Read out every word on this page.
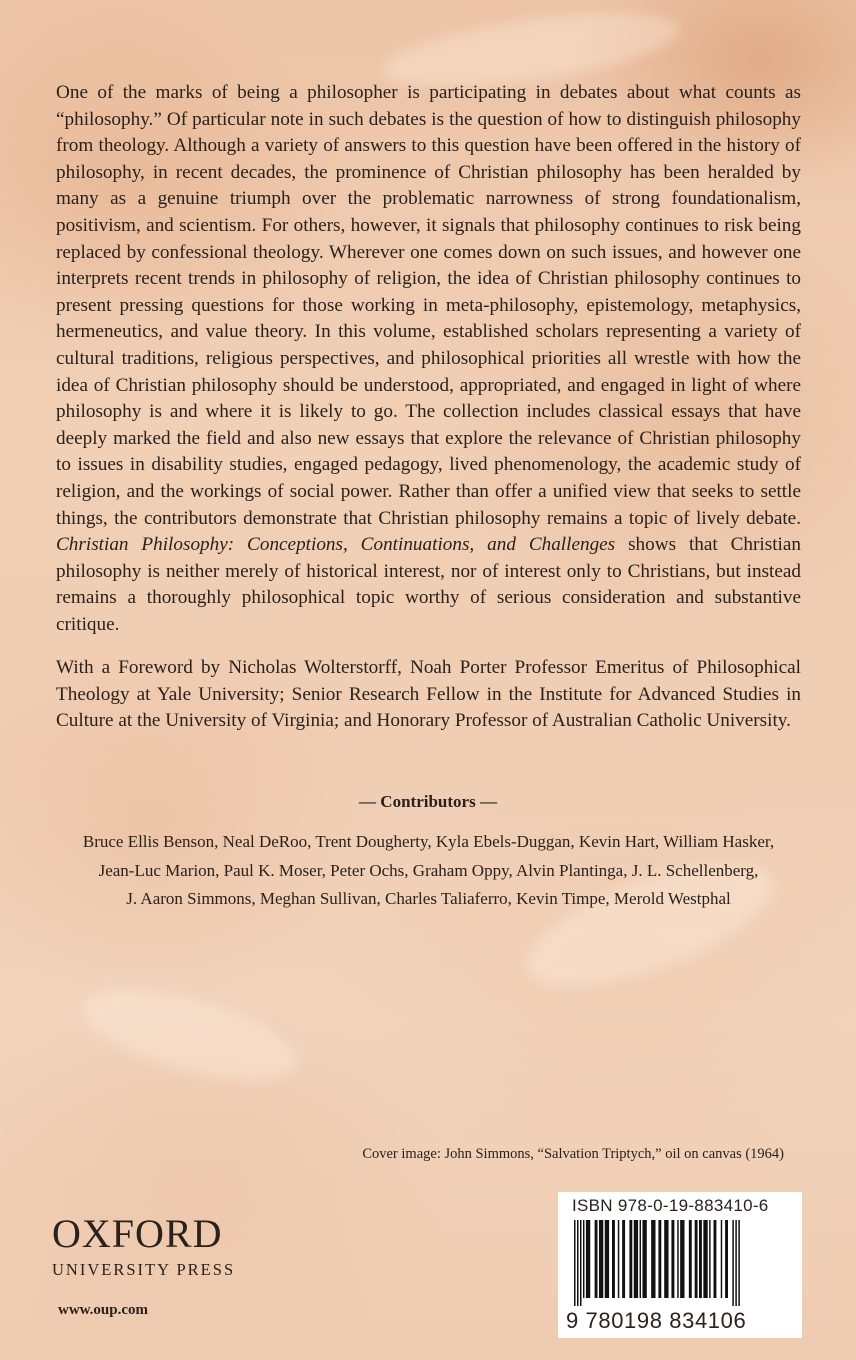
One of the marks of being a philosopher is participating in debates about what counts as “philosophy.” Of particular note in such debates is the question of how to distinguish philosophy from theology. Although a variety of answers to this question have been offered in the history of philosophy, in recent decades, the prominence of Christian philosophy has been heralded by many as a genuine triumph over the problematic narrowness of strong foundationalism, positivism, and scientism. For others, however, it signals that philosophy continues to risk being replaced by confessional theology. Wherever one comes down on such issues, and however one interprets recent trends in philosophy of religion, the idea of Christian philosophy continues to present pressing questions for those working in meta-philosophy, epistemology, metaphysics, hermeneutics, and value theory. In this volume, established scholars representing a variety of cultural traditions, religious perspectives, and philosophical priorities all wrestle with how the idea of Christian philosophy should be understood, appropriated, and engaged in light of where philosophy is and where it is likely to go. The collection includes classical essays that have deeply marked the field and also new essays that explore the relevance of Christian philosophy to issues in disability studies, engaged pedagogy, lived phenomenology, the academic study of religion, and the workings of social power. Rather than offer a unified view that seeks to settle things, the contributors demonstrate that Christian philosophy remains a topic of lively debate. Christian Philosophy: Conceptions, Continuations, and Challenges shows that Christian philosophy is neither merely of historical interest, nor of interest only to Christians, but instead remains a thoroughly philosophical topic worthy of serious consideration and substantive critique.

With a Foreword by Nicholas Wolterstorff, Noah Porter Professor Emeritus of Philosophical Theology at Yale University; Senior Research Fellow in the Institute for Advanced Studies in Culture at the University of Virginia; and Honorary Professor of Australian Catholic University.

— Contributors —

Bruce Ellis Benson, Neal DeRoo, Trent Dougherty, Kyla Ebels-Duggan, Kevin Hart, William Hasker,
Jean-Luc Marion, Paul K. Moser, Peter Ochs, Graham Oppy, Alvin Plantinga, J. L. Schellenberg,
J. Aaron Simmons, Meghan Sullivan, Charles Taliaferro, Kevin Timpe, Merold Westphal

Cover image: John Simmons, “Salvation Triptych,” oil on canvas (1964)

OXFORD
UNIVERSITY PRESS

www.oup.com

ISBN 978-0-19-883410-6

9 780198 834106
